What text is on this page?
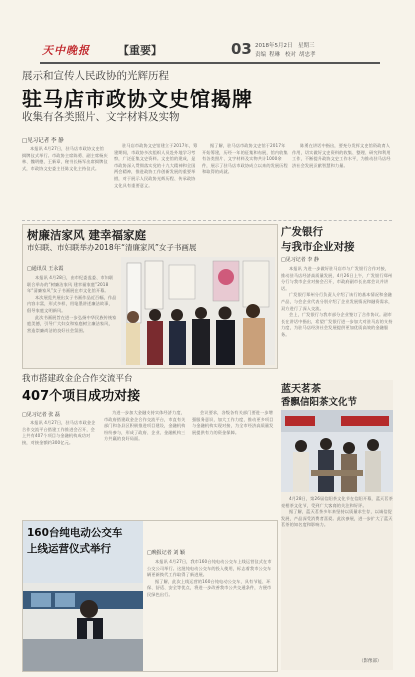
天中晚报	【重要】	03 2018年5月2日 星期三
责编 程琳 校对 胡忠孝
展示和宣传人民政协的光辉历程
驻马店市政协文史馆揭牌
收集有各类照片、文字材料及实物
□见习记者 李 静

本报讯 4月27日，驻马店市政协文史馆揭牌仪式举行。市政协主席陈勇、副主席杨庆林、魏明德，王新章，秘书长杨军出席揭牌仪式，市政协文史委主任陈文化主持仪式。

驻马店市政协文史馆建立于2017年，筹建期间，市政协多次组织人员赴外地学习考察，广泛征集文史资料。文史馆的建成，是市政协深入贯彻落实党的十九大精神和全国两会精神，推进政协工作创新发展的重要举措，对于展示人民政协光辉历程、传承政协文化具有重要意义。

据了解，驻马店市政协文史馆于2017年开始筹建，历经一年的征集和布展，馆内收集有各类照片、文字材料及实物共计1000余件，展示了驻马店市政协成立以来的发展历程和取得的成就。

陈勇在讲话中指出，要充分发挥文史馆资政育人作用，切实做好文史资料的收集、整理、研究和利用工作，不断提升政协文史工作水平，为推动驻马店经济社会发展贡献智慧和力量。

树廉洁家风 建幸福家庭
市妇联、市妇联举办2018年“清廉家风”女子书画展
□通讯员 王永霞

本报讯 4月28日，由市纪委监委、市妇联联合举办的“树廉洁家风 建幸福家庭”2018年“清廉家风”女子书画展在市文化馆开幕。

本次展览共展出女子书画作品近百幅，作品内容丰富，形式多样，用笔墨讲述廉洁故事，倡导家庭文明新风。

此次书画展旨在进一步弘扬中华民族传统家庭美德，引导广大妇女和家庭树立廉洁家风，营造崇廉尚洁的良好社会氛围。

广发银行
与我市企业对接
□见习记者 李 静

本报讯 为进一步做好驻马店市与广发银行合作对接，推动驻马店经济高质量发展，4月26日上午，广发银行郑州分行与我市企业对接会召开，市政府副市长出席会议并讲话。

广发银行郑州分行负责人介绍了该行的基本情况和金融产品，与会企业代表分别介绍了企业发展情况和融资需求，双方进行了深入交流。

会上，广发银行与我市部分企业签订了合作协议。副市长在讲话中指出，希望广发银行进一步加大对驻马店的支持力度，为驻马店经济社会发展提供更加优质高效的金融服务。

我市搭建政金企合作交流平台
407个项目成功对接
□见习记者 张 磊

本报讯 4月27日，驻马店市政金企合作交流平台搭建工作推进会召开，会上共有407个项目与金融机构成功对接，对接金额约300亿元。

为进一步加大金融支持实体经济力度，市政府搭建政金企合作交流平台，市直有关部门和各县区积极推进项目建设，金融机构纷纷参与，形成了政府、企业、金融机构三方共赢的良好局面。

会议要求，各级各有关部门要进一步增强服务意识，加大工作力度，推动更多项目与金融机构实现对接，为全市经济高质量发展提供有力的资金保障。

蓝天茗茶
香飘信阳茶文化节

4月28日，第26届信阳茶文化节在信阳开幕，蓝天茗茶亮相茶文化节，受到广大客商的关注和好评。

据了解，蓝天茗茶多年来坚持以质量求生存，以诚信促发展，产品深受消费者喜爱。此次参展，进一步扩大了蓝天茗茶的知名度和影响力。

（影像部）
160台纯电动公交车
上线运营仪式举行	□晚报记者 刘 颖

本报讯 4月27日，我市160台纯电动公交车上线运营仪式在市公交公司举行。这批纯电动公交车的投入使用，标志着我市公交车辆更新换代工作取得了新进展。

据了解，此次上线运营的160台纯电动公交车，具有节能、环保、舒适、安全等优点，将进一步改善我市公共交通条件，方便市民绿色出行。
